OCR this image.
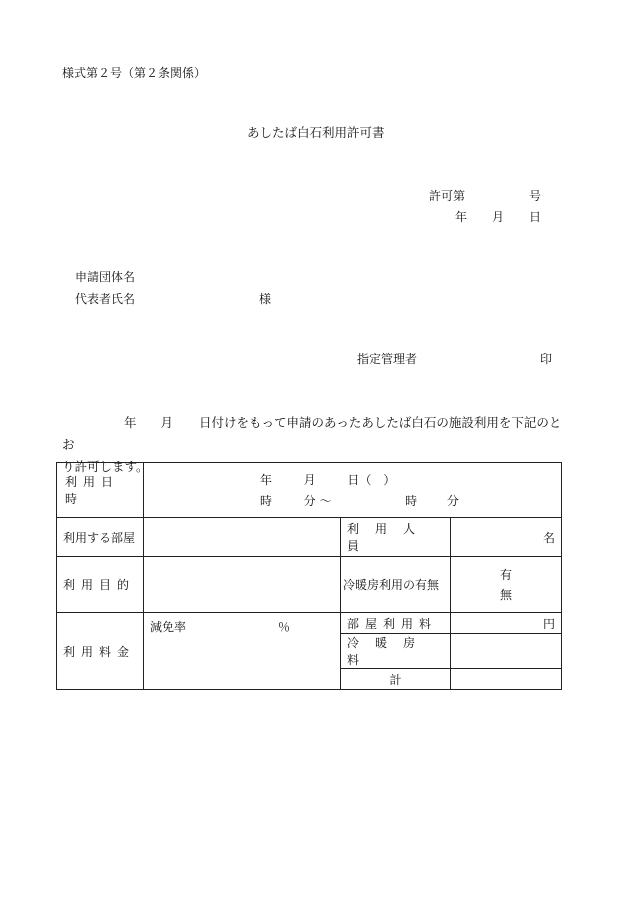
様式第２号（第２条関係）
あしたば白石利用許可書
許可第	号
年 月 日
申請団体名
代表者氏名	様
指定管理者	印
年 月 日付けをもって申請のあったあしたば白石の施設利用を下記のとお
り許可します。
利用日時	年 月 日（　）
時 分 〜 時 分		

利用する部屋		利用人員	名
利用目的		冷暖房利用の有無	有
無

利用料金	減免率 ％	部屋利用料	円
		冷暖房料	
		計	
